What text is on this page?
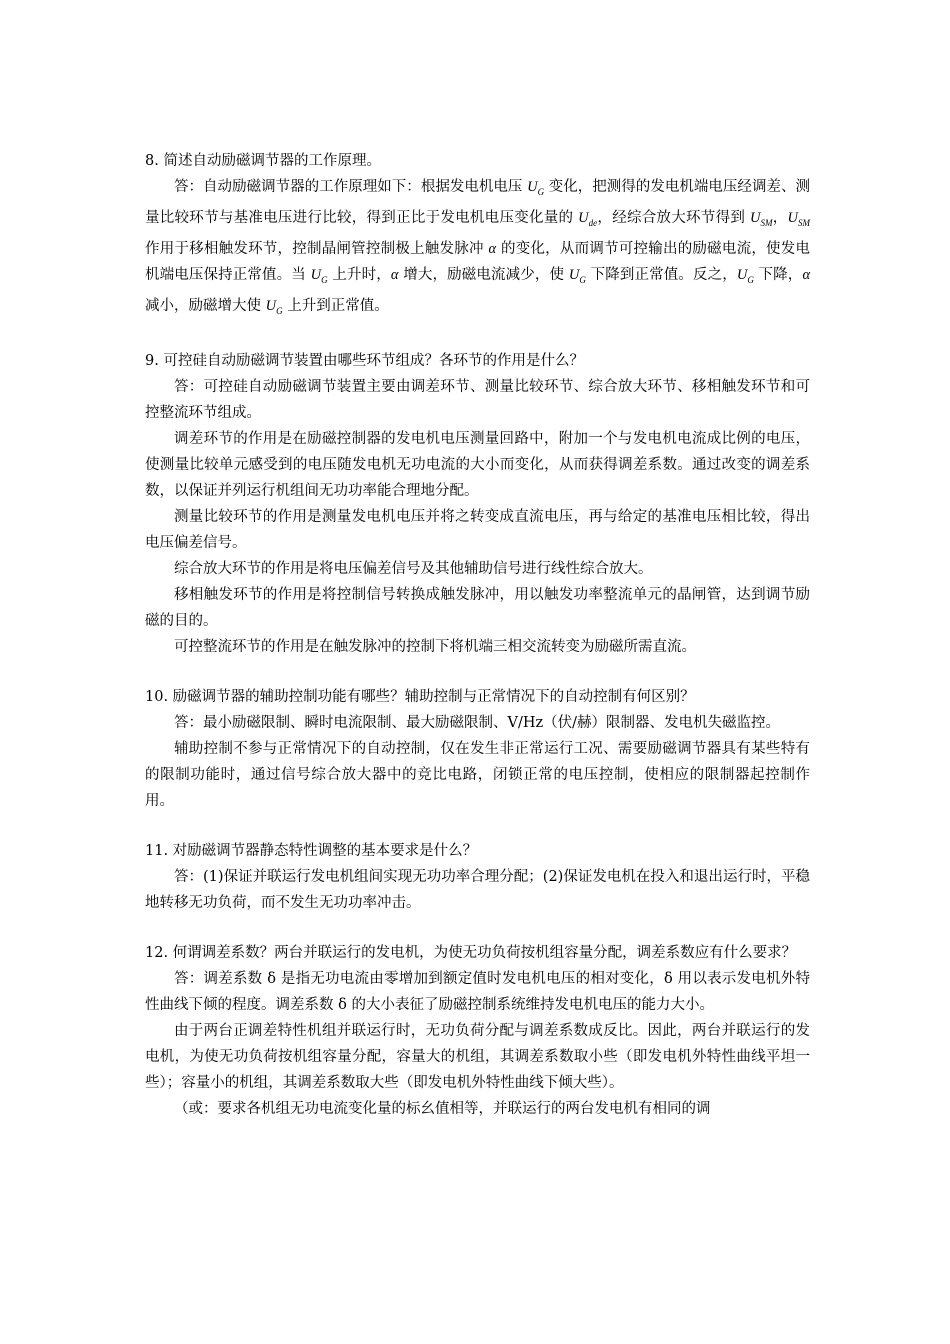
8. 简述自动励磁调节器的工作原理。

答：自动励磁调节器的工作原理如下：根据发电机电压 $U_G$ 变化，把测得的发电机端电压经调差、测量比较环节与基准电压进行比较，得到正比于发电机电压变化量的 $U_{de}$，经综合放大环节得到 $U_{SM}$，$U_{SM}$ 作用于移相触发环节，控制晶闸管控制极上触发脉冲 α 的变化，从而调节可控输出的励磁电流，使发电机端电压保持正常值。当 $U_G$ 上升时，α 增大，励磁电流减少，使 $U_G$ 下降到正常值。反之，$U_G$ 下降，α 减小，励磁增大使 $U_G$ 上升到正常值。

9. 可控硅自动励磁调节装置由哪些环节组成？各环节的作用是什么？

答：可控硅自动励磁调节装置主要由调差环节、测量比较环节、综合放大环节、移相触发环节和可控整流环节组成。

调差环节的作用是在励磁控制器的发电机电压测量回路中，附加一个与发电机电流成比例的电压，使测量比较单元感受到的电压随发电机无功电流的大小而变化，从而获得调差系数。通过改变的调差系数，以保证并列运行机组间无功功率能合理地分配。

测量比较环节的作用是测量发电机电压并将之转变成直流电压，再与给定的基准电压相比较，得出电压偏差信号。

综合放大环节的作用是将电压偏差信号及其他辅助信号进行线性综合放大。

移相触发环节的作用是将控制信号转换成触发脉冲，用以触发功率整流单元的晶闸管，达到调节励磁的目的。

可控整流环节的作用是在触发脉冲的控制下将机端三相交流转变为励磁所需直流。

10. 励磁调节器的辅助控制功能有哪些？辅助控制与正常情况下的自动控制有何区别？

答：最小励磁限制、瞬时电流限制、最大励磁限制、V/Hz（伏/赫）限制器、发电机失磁监控。

辅助控制不参与正常情况下的自动控制，仅在发生非正常运行工况、需要励磁调节器具有某些特有的限制功能时，通过信号综合放大器中的竞比电路，闭锁正常的电压控制，使相应的限制器起控制作用。

11. 对励磁调节器静态特性调整的基本要求是什么？

答：(1)保证并联运行发电机组间实现无功功率合理分配；(2)保证发电机在投入和退出运行时，平稳地转移无功负荷，而不发生无功功率冲击。

12. 何谓调差系数？两台并联运行的发电机，为使无功负荷按机组容量分配，调差系数应有什么要求？

答：调差系数 δ 是指无功电流由零增加到额定值时发电机电压的相对变化，δ 用以表示发电机外特性曲线下倾的程度。调差系数 δ 的大小表征了励磁控制系统维持发电机电压的能力大小。

由于两台正调差特性机组并联运行时，无功负荷分配与调差系数成反比。因此，两台并联运行的发电机，为使无功负荷按机组容量分配，容量大的机组，其调差系数取小些（即发电机外特性曲线平坦一些）；容量小的机组，其调差系数取大些（即发电机外特性曲线下倾大些）。

（或：要求各机组无功电流变化量的标幺值相等，并联运行的两台发电机有相同的调
